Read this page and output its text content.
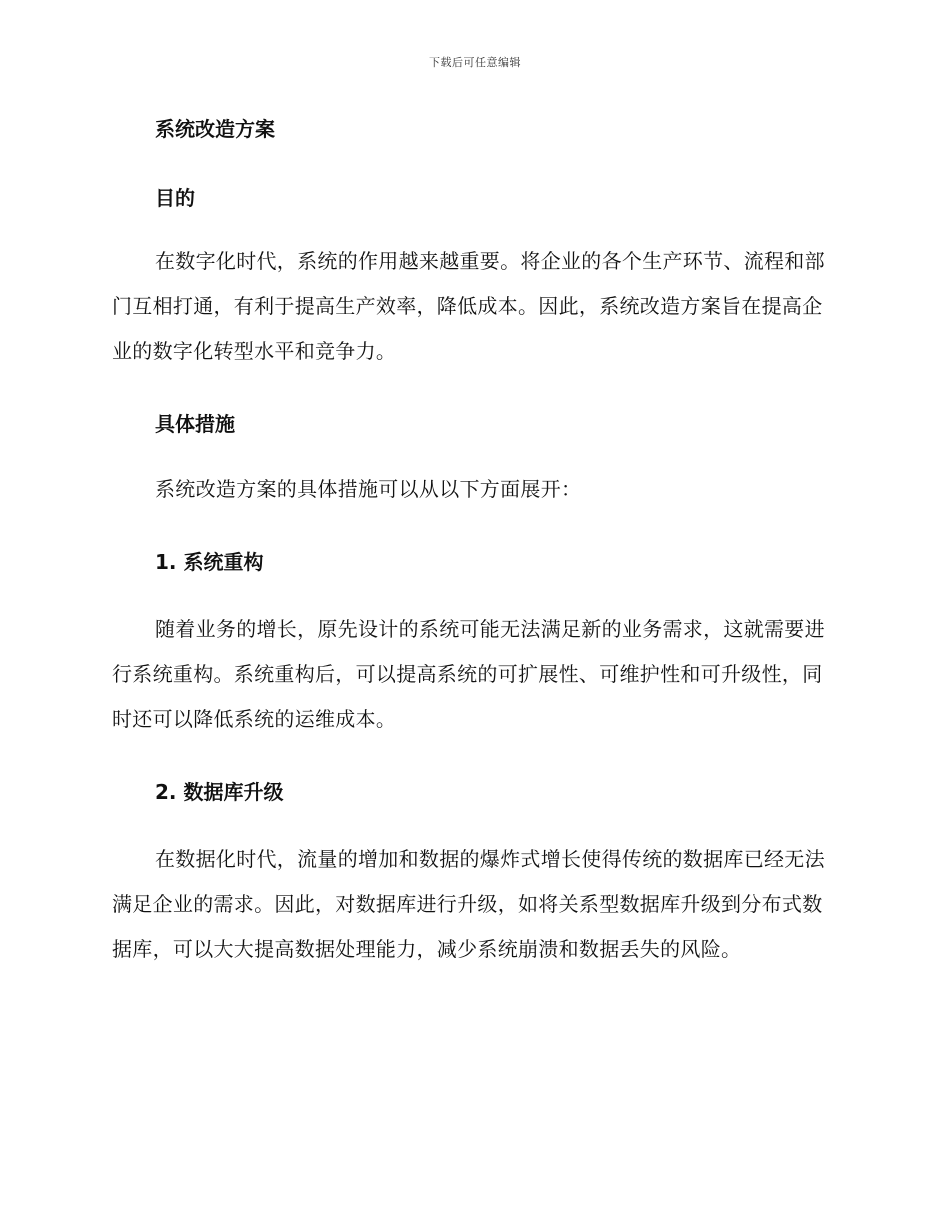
下载后可任意编辑
系统改造方案
目的

在数字化时代，系统的作用越来越重要。将企业的各个生产环节、流程和部门互相打通，有利于提高生产效率，降低成本。因此，系统改造方案旨在提高企业的数字化转型水平和竞争力。

具体措施

系统改造方案的具体措施可以从以下方面展开：

1. 系统重构

随着业务的增长，原先设计的系统可能无法满足新的业务需求，这就需要进行系统重构。系统重构后，可以提高系统的可扩展性、可维护性和可升级性，同时还可以降低系统的运维成本。

2. 数据库升级

在数据化时代，流量的增加和数据的爆炸式增长使得传统的数据库已经无法满足企业的需求。因此，对数据库进行升级，如将关系型数据库升级到分布式数据库，可以大大提高数据处理能力，减少系统崩溃和数据丢失的风险。
